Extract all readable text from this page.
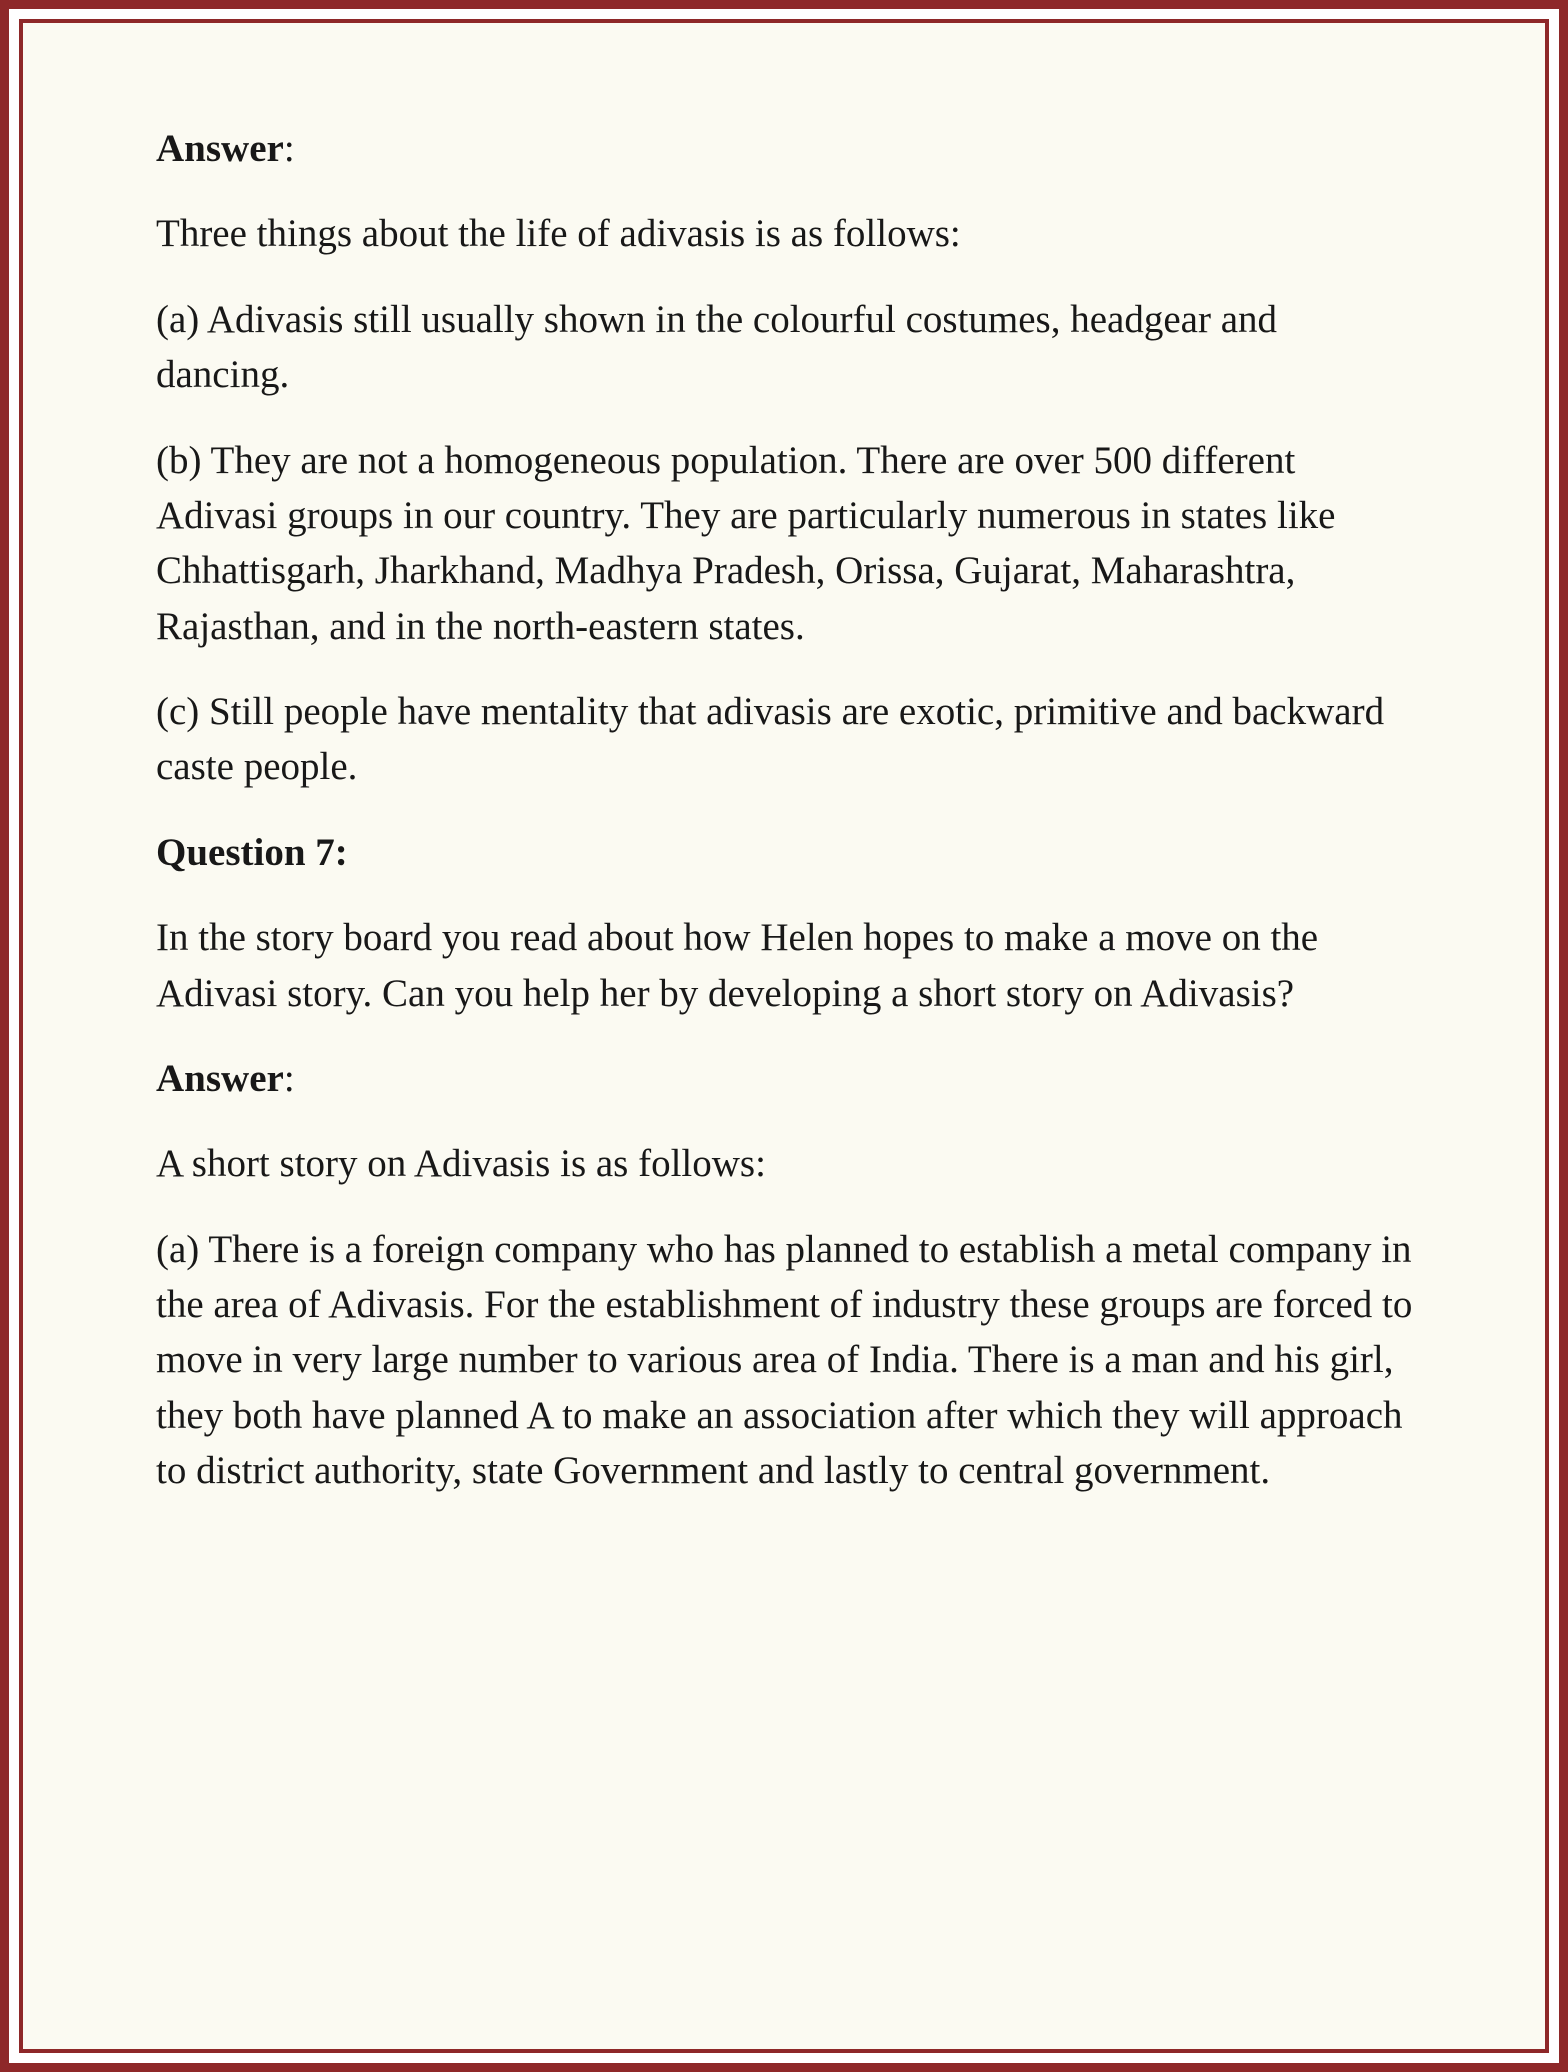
Answer:

Three things about the life of adivasis is as follows:

(a) Adivasis still usually shown in the colourful costumes, headgear and dancing.

(b) They are not a homogeneous population. There are over 500 different Adivasi groups in our country. They are particularly numerous in states like Chhattisgarh, Jharkhand, Madhya Pradesh, Orissa, Gujarat, Maharashtra, Rajasthan, and in the north-eastern states.

(c) Still people have mentality that adivasis are exotic, primitive and backward caste people.

Question 7:

In the story board you read about how Helen hopes to make a move on the Adivasi story. Can you help her by developing a short story on Adivasis?

Answer:

A short story on Adivasis is as follows:

(a) There is a foreign company who has planned to establish a metal company in the area of Adivasis. For the establishment of industry these groups are forced to move in very large number to various area of India. There is a man and his girl, they both have planned A to make an association after which they will approach to district authority, state Government and lastly to central government.
